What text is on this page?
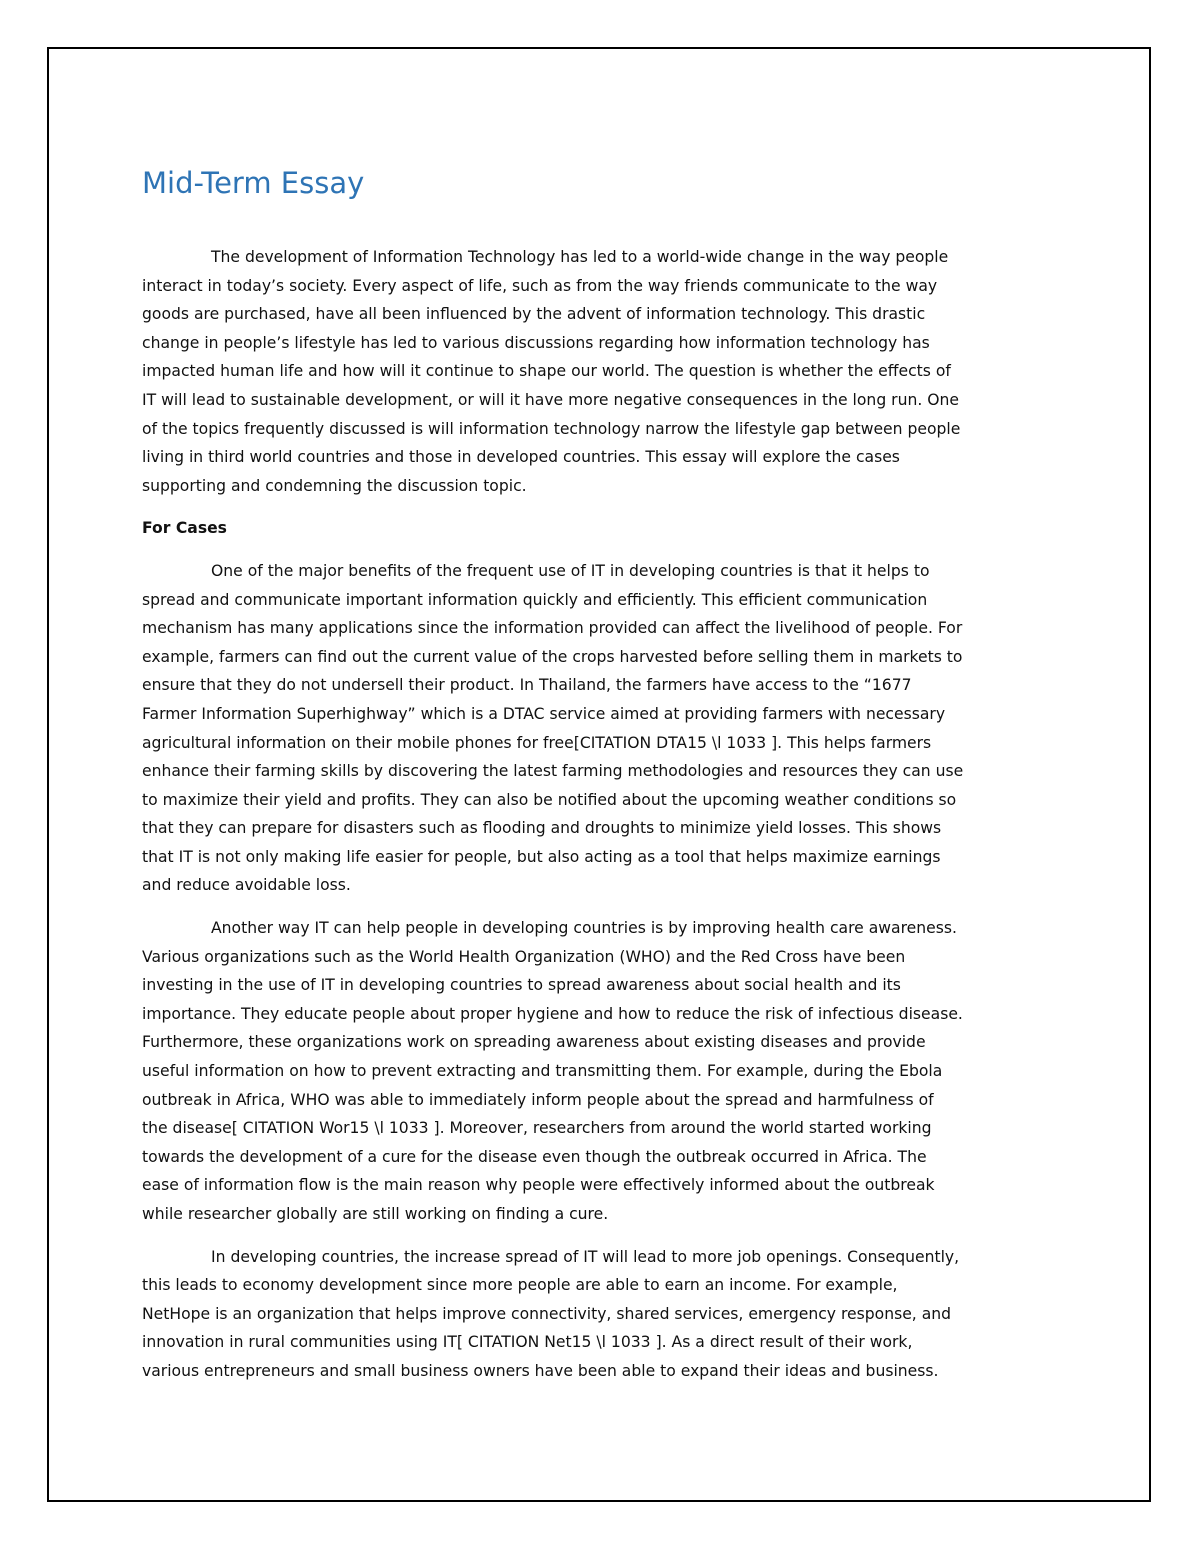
Mid-Term Essay

The development of Information Technology has led to a world-wide change in the way people
interact in today’s society. Every aspect of life, such as from the way friends communicate to the way
goods are purchased, have all been influenced by the advent of information technology. This drastic
change in people’s lifestyle has led to various discussions regarding how information technology has
impacted human life and how will it continue to shape our world. The question is whether the effects of
IT will lead to sustainable development, or will it have more negative consequences in the long run. One
of the topics frequently discussed is will information technology narrow the lifestyle gap between people
living in third world countries and those in developed countries. This essay will explore the cases
supporting and condemning the discussion topic.

For Cases

One of the major benefits of the frequent use of IT in developing countries is that it helps to
spread and communicate important information quickly and efficiently. This efficient communication
mechanism has many applications since the information provided can affect the livelihood of people. For
example, farmers can find out the current value of the crops harvested before selling them in markets to
ensure that they do not undersell their product. In Thailand, the farmers have access to the “1677
Farmer Information Superhighway” which is a DTAC service aimed at providing farmers with necessary
agricultural information on their mobile phones for free[CITATION DTA15 \l 1033 ]. This helps farmers
enhance their farming skills by discovering the latest farming methodologies and resources they can use
to maximize their yield and profits. They can also be notified about the upcoming weather conditions so
that they can prepare for disasters such as flooding and droughts to minimize yield losses. This shows
that IT is not only making life easier for people, but also acting as a tool that helps maximize earnings
and reduce avoidable loss.

Another way IT can help people in developing countries is by improving health care awareness.
Various organizations such as the World Health Organization (WHO) and the Red Cross have been
investing in the use of IT in developing countries to spread awareness about social health and its
importance. They educate people about proper hygiene and how to reduce the risk of infectious disease.
Furthermore, these organizations work on spreading awareness about existing diseases and provide
useful information on how to prevent extracting and transmitting them. For example, during the Ebola
outbreak in Africa, WHO was able to immediately inform people about the spread and harmfulness of
the disease[ CITATION Wor15 \l 1033 ]. Moreover, researchers from around the world started working
towards the development of a cure for the disease even though the outbreak occurred in Africa. The
ease of information flow is the main reason why people were effectively informed about the outbreak
while researcher globally are still working on finding a cure.

In developing countries, the increase spread of IT will lead to more job openings. Consequently,
this leads to economy development since more people are able to earn an income. For example,
NetHope is an organization that helps improve connectivity, shared services, emergency response, and
innovation in rural communities using IT[ CITATION Net15 \l 1033 ]. As a direct result of their work,
various entrepreneurs and small business owners have been able to expand their ideas and business.
